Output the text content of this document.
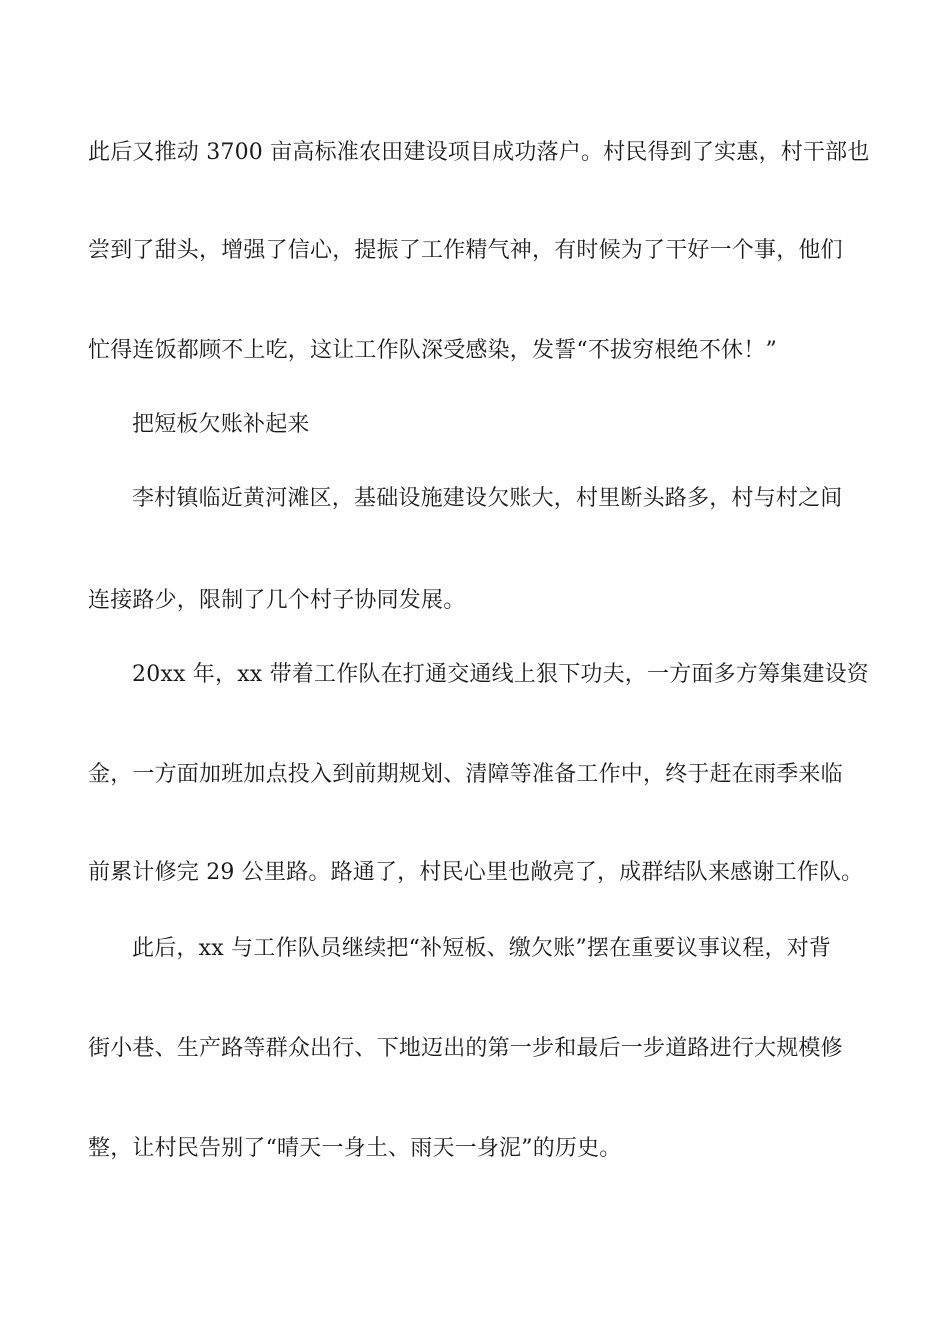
此后又推动 3700 亩高标准农田建设项目成功落户。村民得到了实惠，村干部也
尝到了甜头，增强了信心，提振了工作精气神，有时候为了干好一个事，他们
忙得连饭都顾不上吃，这让工作队深受感染，发誓“不拔穷根绝不休！”
把短板欠账补起来
李村镇临近黄河滩区，基础设施建设欠账大，村里断头路多，村与村之间
连接路少，限制了几个村子协同发展。
20xx 年，xx 带着工作队在打通交通线上狠下功夫，一方面多方筹集建设资
金，一方面加班加点投入到前期规划、清障等准备工作中，终于赶在雨季来临
前累计修完 29 公里路。路通了，村民心里也敞亮了，成群结队来感谢工作队。
此后，xx 与工作队员继续把“补短板、缴欠账”摆在重要议事议程，对背
街小巷、生产路等群众出行、下地迈出的第一步和最后一步道路进行大规模修
整，让村民告别了“晴天一身土、雨天一身泥”的历史。
